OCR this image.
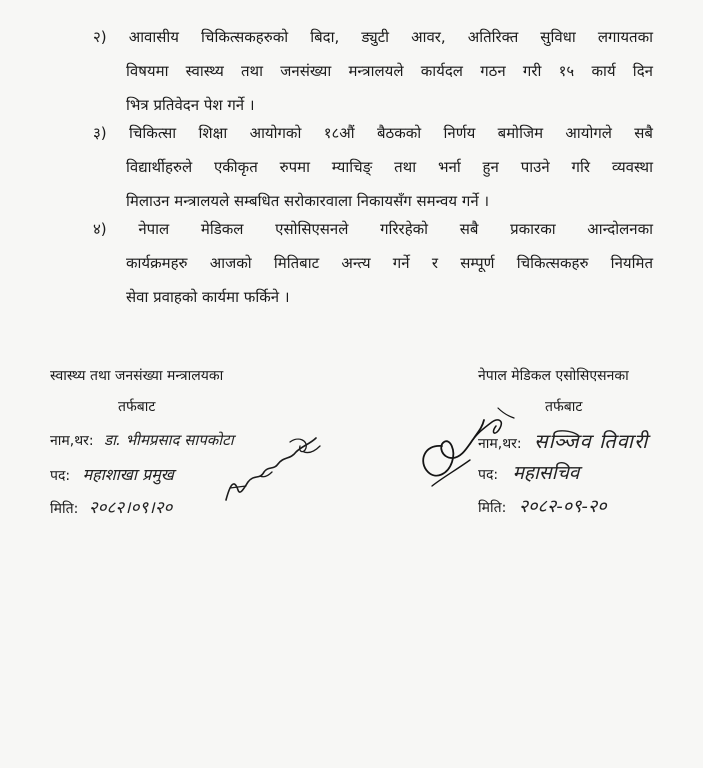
२) आवासीय चिकित्सकहरुको बिदा, ड्युटी आवर, अतिरिक्त सुविधा लगायतका

विषयमा स्वास्थ्य तथा जनसंख्या मन्त्रालयले कार्यदल गठन गरी १५ कार्य दिन

भित्र प्रतिवेदन पेश गर्ने ।

३) चिकित्सा शिक्षा आयोगको १८औं बैठकको निर्णय बमोजिम आयोगले सबै

विद्यार्थीहरुले एकीकृत रुपमा म्याचिङ् तथा भर्ना हुन पाउने गरि व्यवस्था

मिलाउन मन्त्रालयले सम्बधित सरोकारवाला निकायसँग समन्वय गर्ने ।

४) नेपाल मेडिकल एसोसिएसनले गरिरहेको सबै प्रकारका आन्दोलनका

कार्यक्रमहरु आजको मितिबाट अन्त्य गर्ने र सम्पूर्ण चिकित्सकहरु नियमित

सेवा प्रवाहको कार्यमा फर्किने ।

स्वास्थ्य तथा जनसंख्या मन्त्रालयका
तर्फबाट
नाम,थर: डा. भीमप्रसाद सापकोटा
पद: महाशाखा प्रमुख
मिति: २०८२।०९।२०
नेपाल मेडिकल एसोसिएसनका
तर्फबाट
नाम,थर: सञ्जिव तिवारी
पद: महासचिव
मिति: २०८२-०९-२०
